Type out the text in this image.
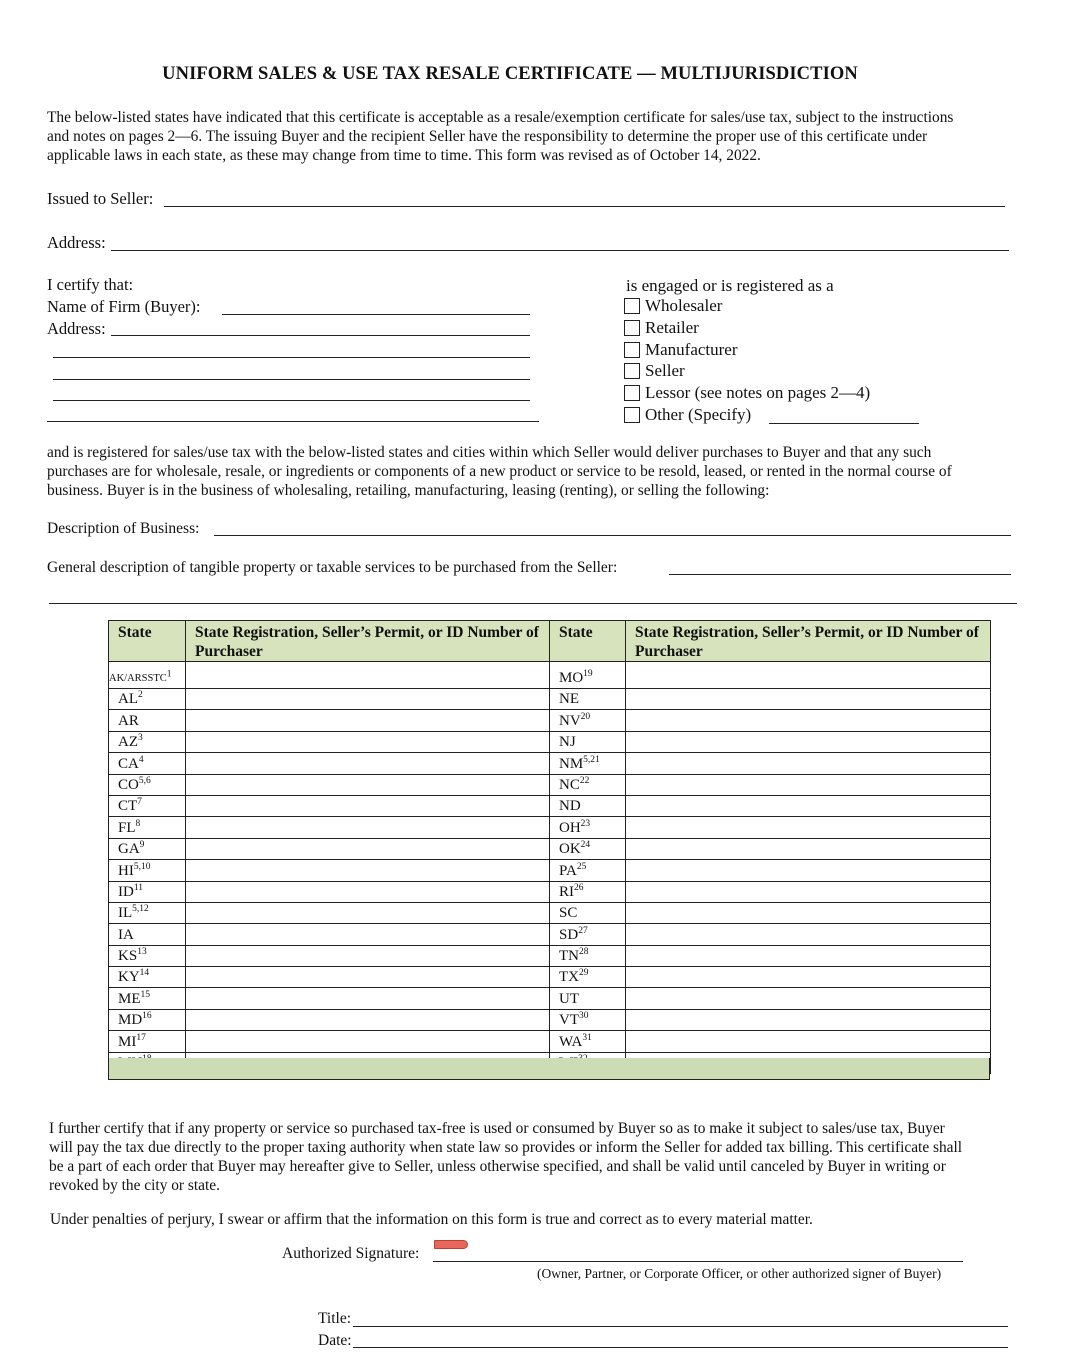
UNIFORM SALES & USE TAX RESALE CERTIFICATE — MULTIJURISDICTION
The below-listed states have indicated that this certificate is acceptable as a resale/exemption certificate for sales/use tax, subject to the instructions
and notes on pages 2—6. The issuing Buyer and the recipient Seller have the responsibility to determine the proper use of this certificate under
applicable laws in each state, as these may change from time to time. This form was revised as of October 14, 2022.
Issued to Seller:
Address:
I certify that:
Name of Firm (Buyer):
Address:
is engaged or is registered as a
Wholesaler
Retailer
Manufacturer
Seller
Lessor (see notes on pages 2—4)
Other (Specify)
and is registered for sales/use tax with the below-listed states and cities within which Seller would deliver purchases to Buyer and that any such
purchases are for wholesale, resale, or ingredients or components of a new product or service to be resold, leased, or rented in the normal course of
business. Buyer is in the business of wholesaling, retailing, manufacturing, leasing (renting), or selling the following:
Description of Business:
General description of tangible property or taxable services to be purchased from the Seller:
State	State Registration, Seller’s Permit, or ID Number of Purchaser	State	State Registration, Seller’s Permit, or ID Number of Purchaser
AK/ARSSTC$^1$		MO$^{19}$	
$AL^2$		NE	
AR		NV$^{20}$	
$AZ^3$		NJ	
$CA^4$		NM$^{5,21}$	
CO$^{5,6}$		NC$^{22}$	
$CT^7$		ND	
$FL^8$		OH$^{23}$	
$GA^9$		OK$^{24}$	
HI$^{5,10}$		PA$^{25}$	
ID$^{11}$		RI$^{26}$	
IL$^{5,12}$		SC	
IA		SD$^{27}$	
KS$^{13}$		TN$^{28}$	
KY$^{14}$		TX$^{29}$	
ME$^{15}$		UT	
MD$^{16}$		VT$^{30}$	
MI$^{17}$		WA$^{31}$	

I further certify that if any property or service so purchased tax-free is used or consumed by Buyer so as to make it subject to sales/use tax, Buyer
will pay the tax due directly to the proper taxing authority when state law so provides or inform the Seller for added tax billing. This certificate shall
be a part of each order that Buyer may hereafter give to Seller, unless otherwise specified, and shall be valid until canceled by Buyer in writing or
revoked by the city or state.
Under penalties of perjury, I swear or affirm that the information on this form is true and correct as to every material matter.
Authorized Signature:
(Owner, Partner, or Corporate Officer, or other authorized signer of Buyer)
Title:
Date:
